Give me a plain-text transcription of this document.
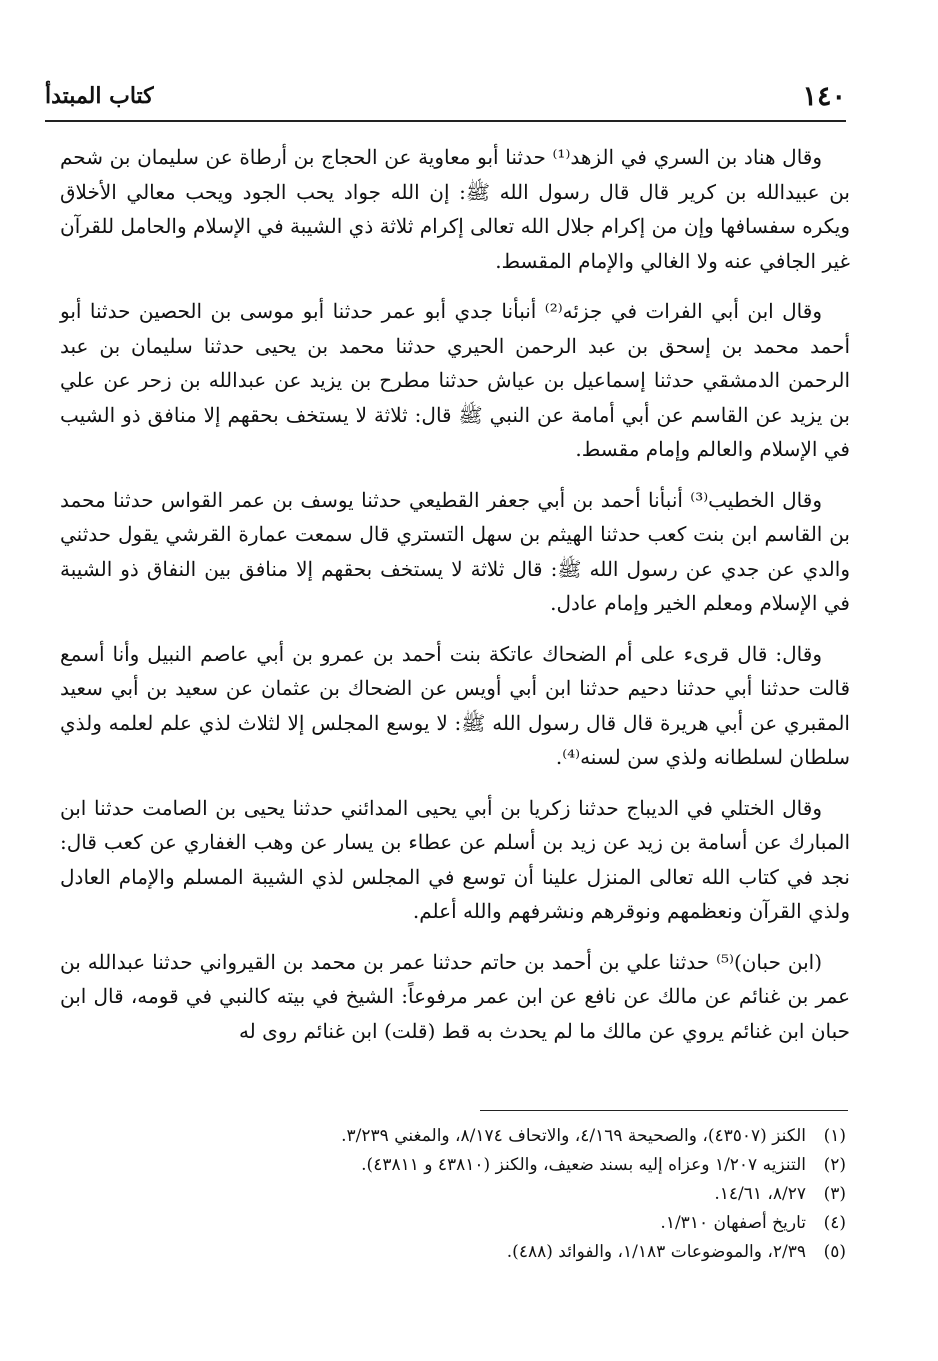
١٤٠
كتاب المبتدأ

وقال هناد بن السري في الزهد⁽¹⁾ حدثنا أبو معاوية عن الحجاج بن أرطاة عن سليمان بن شحم بن عبيدالله بن كرير قال قال رسول الله ﷺ: إن الله جواد يحب الجود ويحب معالي الأخلاق ويكره سفسافها وإن من إكرام جلال الله تعالى إكرام ثلاثة ذي الشيبة في الإسلام والحامل للقرآن غير الجافي عنه ولا الغالي والإمام المقسط.

وقال ابن أبي الفرات في جزئه⁽²⁾ أنبأنا جدي أبو عمر حدثنا أبو موسى بن الحصين حدثنا أبو أحمد محمد بن إسحق بن عبد الرحمن الحيري حدثنا محمد بن يحيى حدثنا سليمان بن عبد الرحمن الدمشقي حدثنا إسماعيل بن عياش حدثنا مطرح بن يزيد عن عبدالله بن زحر عن علي بن يزيد عن القاسم عن أبي أمامة عن النبي ﷺ قال: ثلاثة لا يستخف بحقهم إلا منافق ذو الشيب في الإسلام والعالم وإمام مقسط.

وقال الخطيب⁽³⁾ أنبأنا أحمد بن أبي جعفر القطيعي حدثنا يوسف بن عمر القواس حدثنا محمد بن القاسم ابن بنت كعب حدثنا الهيثم بن سهل التستري قال سمعت عمارة القرشي يقول حدثني والدي عن جدي عن رسول الله ﷺ: قال ثلاثة لا يستخف بحقهم إلا منافق بين النفاق ذو الشيبة في الإسلام ومعلم الخير وإمام عادل.

وقال: قال قرىء على أم الضحاك عاتكة بنت أحمد بن عمرو بن أبي عاصم النبيل وأنا أسمع قالت حدثنا أبي حدثنا دحيم حدثنا ابن أبي أويس عن الضحاك بن عثمان عن سعيد بن أبي سعيد المقبري عن أبي هريرة قال قال رسول الله ﷺ: لا يوسع المجلس إلا لثلاث لذي علم لعلمه ولذي سلطان لسلطانه ولذي سن لسنه⁽⁴⁾.

وقال الختلي في الديباج حدثنا زكريا بن أبي يحيى المدائني حدثنا يحيى بن الصامت حدثنا ابن المبارك عن أسامة بن زيد عن زيد بن أسلم عن عطاء بن يسار عن وهب الغفاري عن كعب قال: نجد في كتاب الله تعالى المنزل علينا أن توسع في المجلس لذي الشيبة المسلم والإمام العادل ولذي القرآن ونعظمهم ونوقرهم ونشرفهم والله أعلم.

(ابن حبان)⁽⁵⁾ حدثنا علي بن أحمد بن حاتم حدثنا عمر بن محمد بن القيرواني حدثنا عبدالله بن عمر بن غنائم عن مالك عن نافع عن ابن عمر مرفوعاً: الشيخ في بيته كالنبي في قومه، قال ابن حبان ابن غنائم يروي عن مالك ما لم يحدث به قط (قلت) ابن غنائم روى له

(١)
الكنز (٤٣٥٠٧)، والصحيحة ٤/١٦٩، والاتحاف ٨/١٧٤، والمغني ٣/٢٣٩.
(٢)
التنزيه ١/٢٠٧ وعزاه إليه بسند ضعيف، والكنز (٤٣٨١٠ و ٤٣٨١١).
(٣)
٨/٢٧، ١٤/٦١.
(٤)
تاريخ أصفهان ١/٣١٠.
(٥)
٢/٣٩، والموضوعات ١/١٨٣، والفوائد (٤٨٨).
